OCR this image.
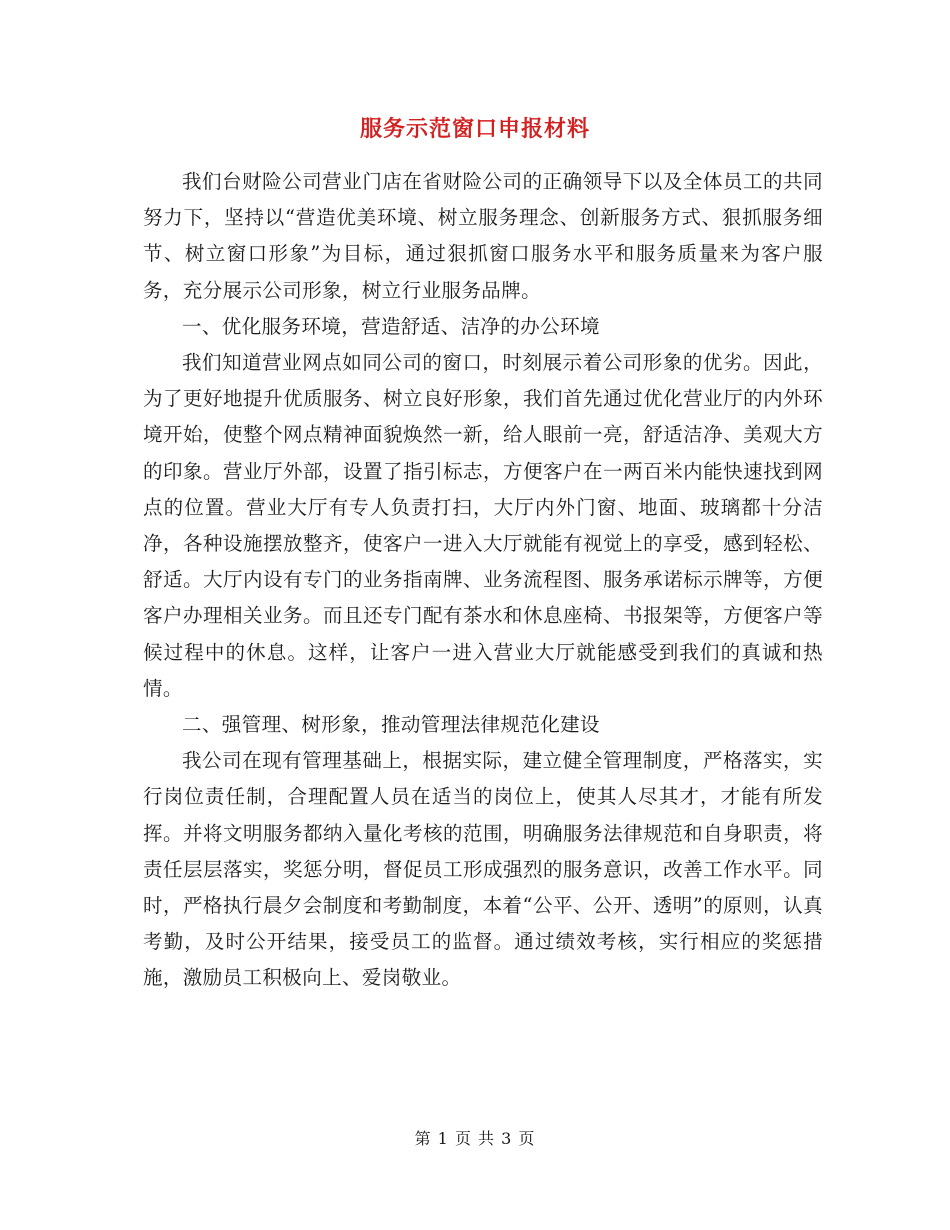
服务示范窗口申报材料

我们台财险公司营业门店在省财险公司的正确领导下以及全体员工的共同努力下，坚持以“营造优美环境、树立服务理念、创新服务方式、狠抓服务细节、树立窗口形象”为目标，通过狠抓窗口服务水平和服务质量来为客户服务，充分展示公司形象，树立行业服务品牌。

一、优化服务环境，营造舒适、洁净的办公环境

我们知道营业网点如同公司的窗口，时刻展示着公司形象的优劣。因此，为了更好地提升优质服务、树立良好形象，我们首先通过优化营业厅的内外环境开始，使整个网点精神面貌焕然一新，给人眼前一亮，舒适洁净、美观大方的印象。营业厅外部，设置了指引标志，方便客户在一两百米内能快速找到网点的位置。营业大厅有专人负责打扫，大厅内外门窗、地面、玻璃都十分洁净，各种设施摆放整齐，使客户一进入大厅就能有视觉上的享受，感到轻松、舒适。大厅内设有专门的业务指南牌、业务流程图、服务承诺标示牌等，方便客户办理相关业务。而且还专门配有茶水和休息座椅、书报架等，方便客户等候过程中的休息。这样，让客户一进入营业大厅就能感受到我们的真诚和热情。

二、强管理、树形象，推动管理法律规范化建设

我公司在现有管理基础上，根据实际，建立健全管理制度，严格落实，实行岗位责任制，合理配置人员在适当的岗位上，使其人尽其才，才能有所发挥。并将文明服务都纳入量化考核的范围，明确服务法律规范和自身职责，将责任层层落实，奖惩分明，督促员工形成强烈的服务意识，改善工作水平。同时，严格执行晨夕会制度和考勤制度，本着“公平、公开、透明”的原则，认真考勤，及时公开结果，接受员工的监督。通过绩效考核，实行相应的奖惩措施，激励员工积极向上、爱岗敬业。

第 1 页 共 3 页
